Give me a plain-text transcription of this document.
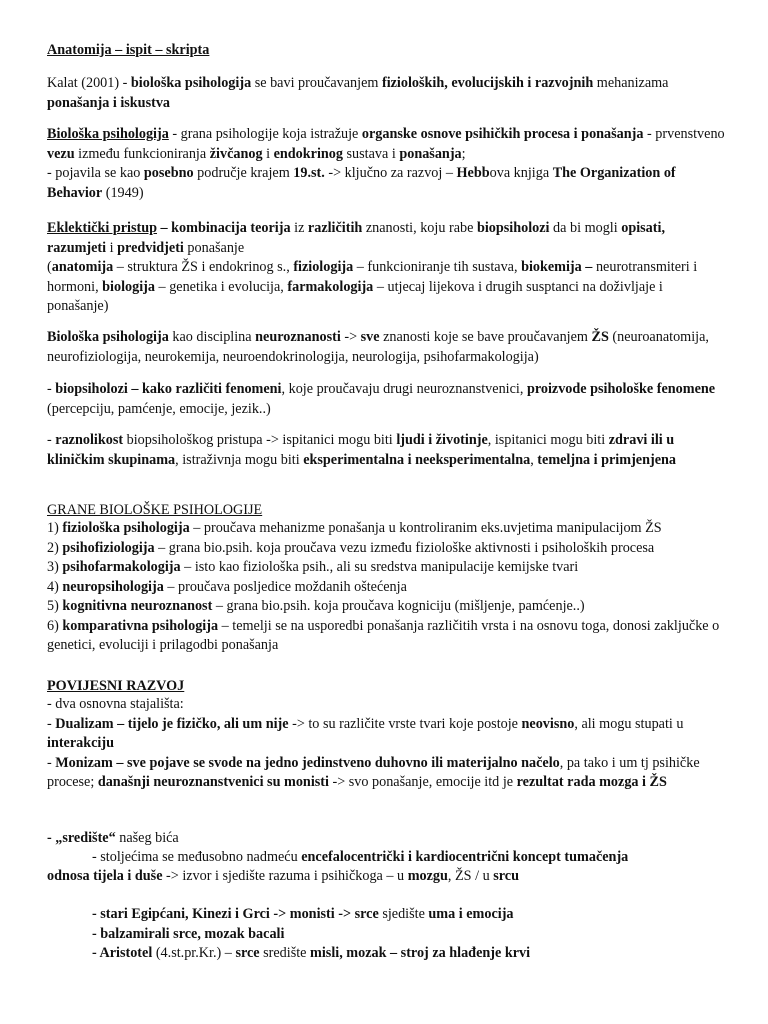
Anatomija – ispit – skripta

Kalat (2001) - biološka psihologija se bavi proučavanjem fizioloških, evolucijskih i razvojnih mehanizama ponašanja i iskustva

Biološka psihologija - grana psihologije koja istražuje organske osnove psihičkih procesa i ponašanja - prvenstveno vezu između funkcioniranja živčanog i endokrinog sustava i ponašanja;
- pojavila se kao posebno područje krajem 19.st. -> ključno za razvoj – Hebbova knjiga The Organization of Behavior (1949)

Eklektički pristup – kombinacija teorija iz različitih znanosti, koju rabe biopsiholozi da bi mogli opisati, razumjeti i predvidjeti ponašanje
(anatomija – struktura ŽS i endokrinog s., fiziologija – funkcioniranje tih sustava, biokemija – neurotransmiteri i hormoni, biologija – genetika i evolucija, farmakologija – utjecaj lijekova i drugih susptanci na doživljaje i ponašanje)

Biološka psihologija kao disciplina neuroznanosti -> sve znanosti koje se bave proučavanjem ŽS (neuroanatomija, neurofiziologija, neurokemija, neuroendokrinologija, neurologija, psihofarmakologija)

- biopsiholozi – kako različiti fenomeni, koje proučavaju drugi neuroznanstvenici, proizvode psihološke fenomene (percepciju, pamćenje, emocije, jezik..)

- raznolikost biopsihološkog pristupa -> ispitanici mogu biti ljudi i životinje, ispitanici mogu biti zdravi ili u kliničkim skupinama, istraživnja mogu biti eksperimentalna i neeksperimentalna, temeljna i primjenjena

GRANE BIOLOŠKE PSIHOLOGIJE

1) fiziološka psihologija – proučava mehanizme ponašanja u kontroliranim eks.uvjetima manipulacijom ŽS
2) psihofiziologija – grana bio.psih. koja proučava vezu između fiziološke aktivnosti i psiholoških procesa
3) psihofarmakologija – isto kao fiziološka psih., ali su sredstva manipulacije kemijske tvari
4) neuropsihologija – proučava posljedice moždanih oštećenja
5) kognitivna neuroznanost – grana bio.psih. koja proučava kogniciju (mišljenje, pamćenje..)
6) komparativna psihologija – temelji se na usporedbi ponašanja različitih vrsta i na osnovu toga, donosi zaključke o genetici, evoluciji i prilagodbi ponašanja

POVIJESNI RAZVOJ

- dva osnovna stajališta:
- Dualizam – tijelo je fizičko, ali um nije -> to su različite vrste tvari koje postoje neovisno, ali mogu stupati u interakciju
- Monizam – sve pojave se svode na jedno jedinstveno duhovno ili materijalno načelo, pa tako i um tj psihičke procese; današnji neuroznanstvenici su monisti -> svo ponašanje, emocije itd je rezultat rada mozga i ŽS

- „središte“ našeg bića

- stoljećima se međusobno nadmeću encefalocentrički i kardiocentrični koncept tumačenja

odnosa tijela i duše -> izvor i sjedište razuma i psihičkoga – u mozgu, ŽS / u srcu

- stari Egipćani, Kinezi i Grci -> monisti -> srce sjedište uma i emocija
- balzamirali srce, mozak bacali
- Aristotel (4.st.pr.Kr.) – srce središte misli, mozak – stroj za hlađenje krvi
